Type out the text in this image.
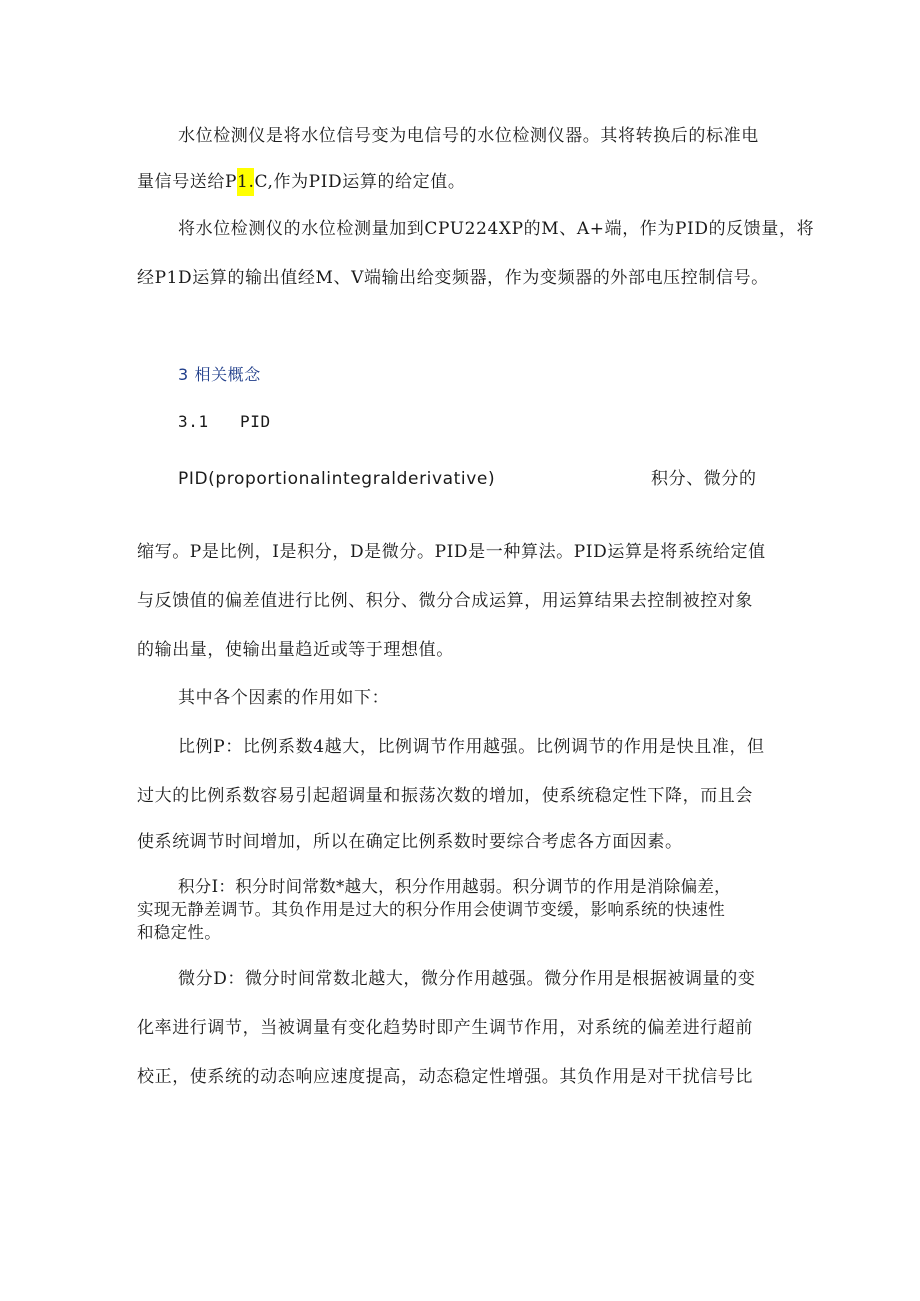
水位检测仪是将水位信号变为电信号的水位检测仪器。其将转换后的标准电
量信号送给P1.C,作为PID运算的给定值。
将水位检测仪的水位检测量加到CPU224XP的M、A+端，作为PID的反馈量，将
经P1D运算的输出值经M、V端输出给变频器，作为变频器的外部电压控制信号。
3 相关概念
3.1	PID
PID(proportionalintegralderivative)	积分、微分的
缩写。P是比例，I是积分，D是微分。PID是一种算法。PID运算是将系统给定值
与反馈值的偏差值进行比例、积分、微分合成运算，用运算结果去控制被控对象
的输出量，使输出量趋近或等于理想值。
其中各个因素的作用如下：
比例P：比例系数4越大，比例调节作用越强。比例调节的作用是快且准，但
过大的比例系数容易引起超调量和振荡次数的增加，使系统稳定性下降，而且会
使系统调节时间增加，所以在确定比例系数时要综合考虑各方面因素。
积分I：积分时间常数*越大，积分作用越弱。积分调节的作用是消除偏差，
实现无静差调节。其负作用是过大的积分作用会使调节变缓，影响系统的快速性
和稳定性。
微分D：微分时间常数北越大，微分作用越强。微分作用是根据被调量的变
化率进行调节，当被调量有变化趋势时即产生调节作用，对系统的偏差进行超前
校正，使系统的动态响应速度提高，动态稳定性增强。其负作用是对干扰信号比
